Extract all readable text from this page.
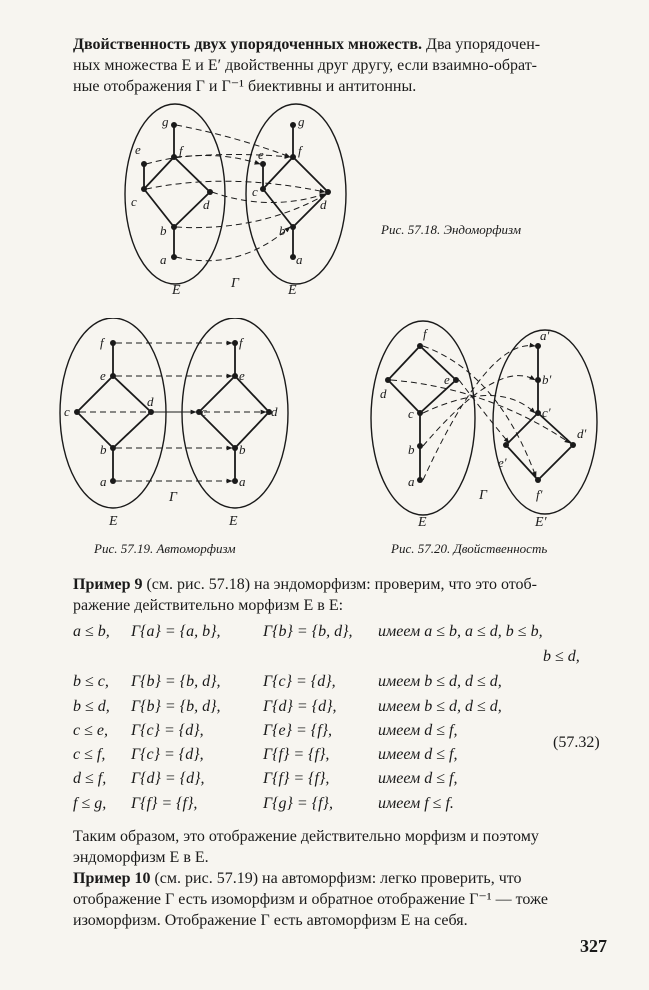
Двойственность двух упорядоченных множеств. Два упорядочен-
ных множества E и E′ двойственны друг другу, если взаимно-обрат-
ные отображения Γ и Γ⁻¹ биективны и антитонны.
g
f
e
c	d
b
a
g
f
e
c
d
b
a
E	Γ	E
Рис. 57.18. Эндоморфизм
f
e
c
d
b
a
f
e
c	d
b
a
E
Γ
E
Рис. 57.19. Автоморфизм
f
d
e
c
b
a
a′
b′
c′
d′
e′
f′
E
Γ
E′
Рис. 57.20. Двойственность
Пример 9 (см. рис. 57.18) на эндоморфизм: проверим, что это отоб-
ражение действительно морфизм E в E:
a ≤ b, Γ{a} = {a, b},	Γ{b} = {b, d}, имеем a ≤ b, a ≤ d, b ≤ b,
b ≤ d,
b ≤ c, Γ{b} = {b, d},	Γ{c} = {d},	имеем b ≤ d, d ≤ d,
b ≤ d, Γ{b} = {b, d},	Γ{d} = {d},	имеем b ≤ d, d ≤ d,
c ≤ e, Γ{c} = {d},	Γ{e} = {f},	имеем d ≤ f,
c ≤ f, Γ{c} = {d},	Γ{f} = {f},	имеем d ≤ f,
d ≤ f, Γ{d} = {d},	Γ{f} = {f},	имеем d ≤ f,
f ≤ g, Γ{f} = {f},	Γ{g} = {f},	имеем f ≤ f.
(57.32)
Таким образом, это отображение действительно морфизм и поэтому
эндоморфизм E в E.
Пример 10 (см. рис. 57.19) на автоморфизм: легко проверить, что
отображение Γ есть изоморфизм и обратное отображение Γ⁻¹ — тоже
изоморфизм. Отображение Γ есть автоморфизм E на себя.
327
